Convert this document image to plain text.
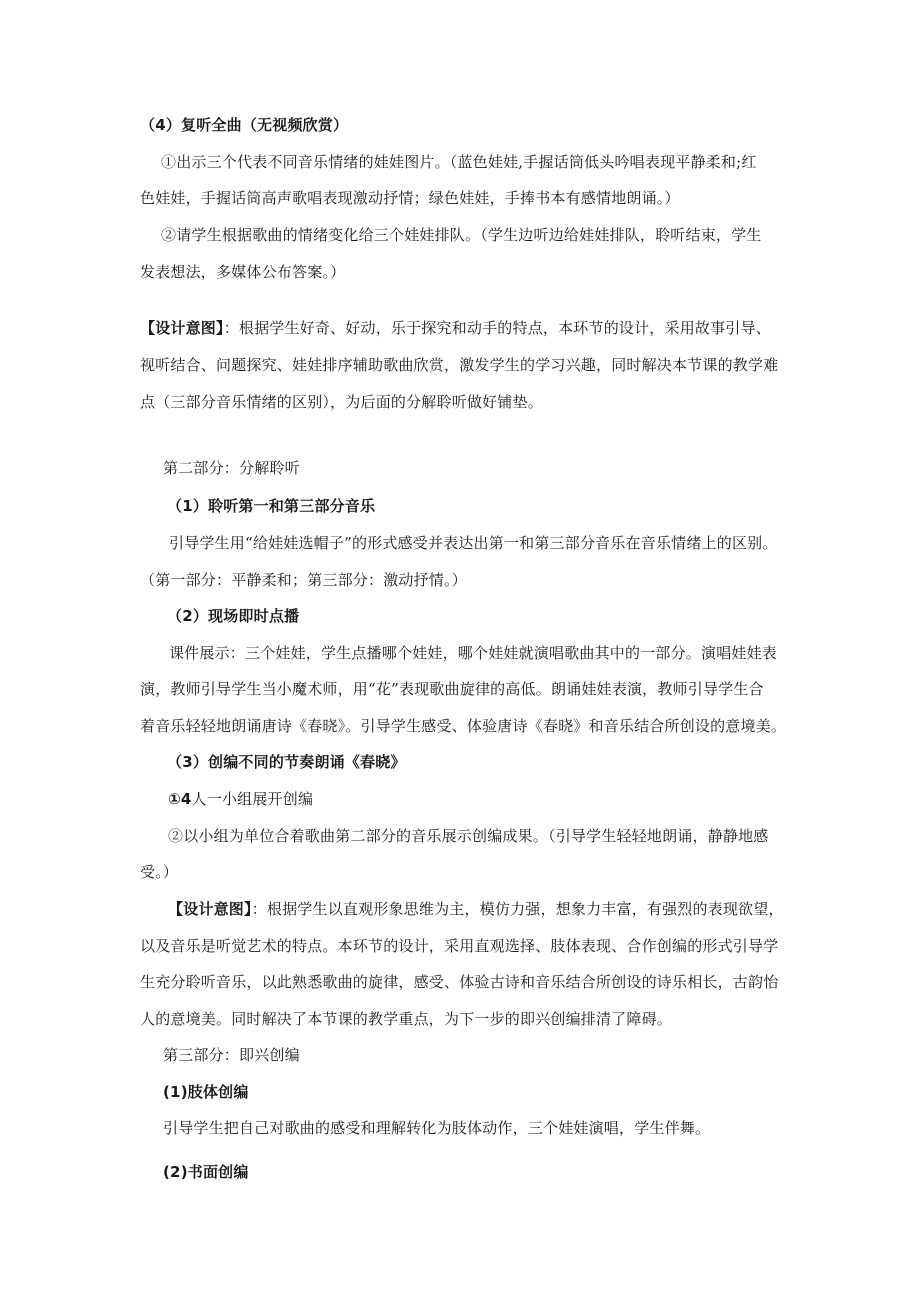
（4）复听全曲（无视频欣赏）
①出示三个代表不同音乐情绪的娃娃图片。（蓝色娃娃,手握话筒低头吟唱表现平静柔和;红
色娃娃，手握话筒高声歌唱表现激动抒情；绿色娃娃，手捧书本有感情地朗诵。）
②请学生根据歌曲的情绪变化给三个娃娃排队。（学生边听边给娃娃排队，聆听结束，学生
发表想法，多媒体公布答案。）
【设计意图】：根据学生好奇、好动，乐于探究和动手的特点，本环节的设计，采用故事引导、
视听结合、问题探究、娃娃排序辅助歌曲欣赏，激发学生的学习兴趣，同时解决本节课的教学难
点（三部分音乐情绪的区别），为后面的分解聆听做好铺垫。
第二部分：分解聆听
（1）聆听第一和第三部分音乐
引导学生用“给娃娃选帽子”的形式感受并表达出第一和第三部分音乐在音乐情绪上的区别。
（第一部分：平静柔和；第三部分：激动抒情。）
（2）现场即时点播
课件展示：三个娃娃，学生点播哪个娃娃，哪个娃娃就演唱歌曲其中的一部分。演唱娃娃表
演，教师引导学生当小魔术师，用“花”表现歌曲旋律的高低。朗诵娃娃表演，教师引导学生合
着音乐轻轻地朗诵唐诗《春晓》。引导学生感受、体验唐诗《春晓》和音乐结合所创设的意境美。
（3）创编不同的节奏朗诵《春晓》
①4人一小组展开创编
②以小组为单位合着歌曲第二部分的音乐展示创编成果。（引导学生轻轻地朗诵，静静地感
受。）
【设计意图】：根据学生以直观形象思维为主，模仿力强，想象力丰富，有强烈的表现欲望，
以及音乐是听觉艺术的特点。本环节的设计，采用直观选择、肢体表现、合作创编的形式引导学
生充分聆听音乐，以此熟悉歌曲的旋律，感受、体验古诗和音乐结合所创设的诗乐相长，古韵怡
人的意境美。同时解决了本节课的教学重点，为下一步的即兴创编排清了障碍。
第三部分：即兴创编
(1)肢体创编
引导学生把自己对歌曲的感受和理解转化为肢体动作，三个娃娃演唱，学生伴舞。
(2)书面创编
